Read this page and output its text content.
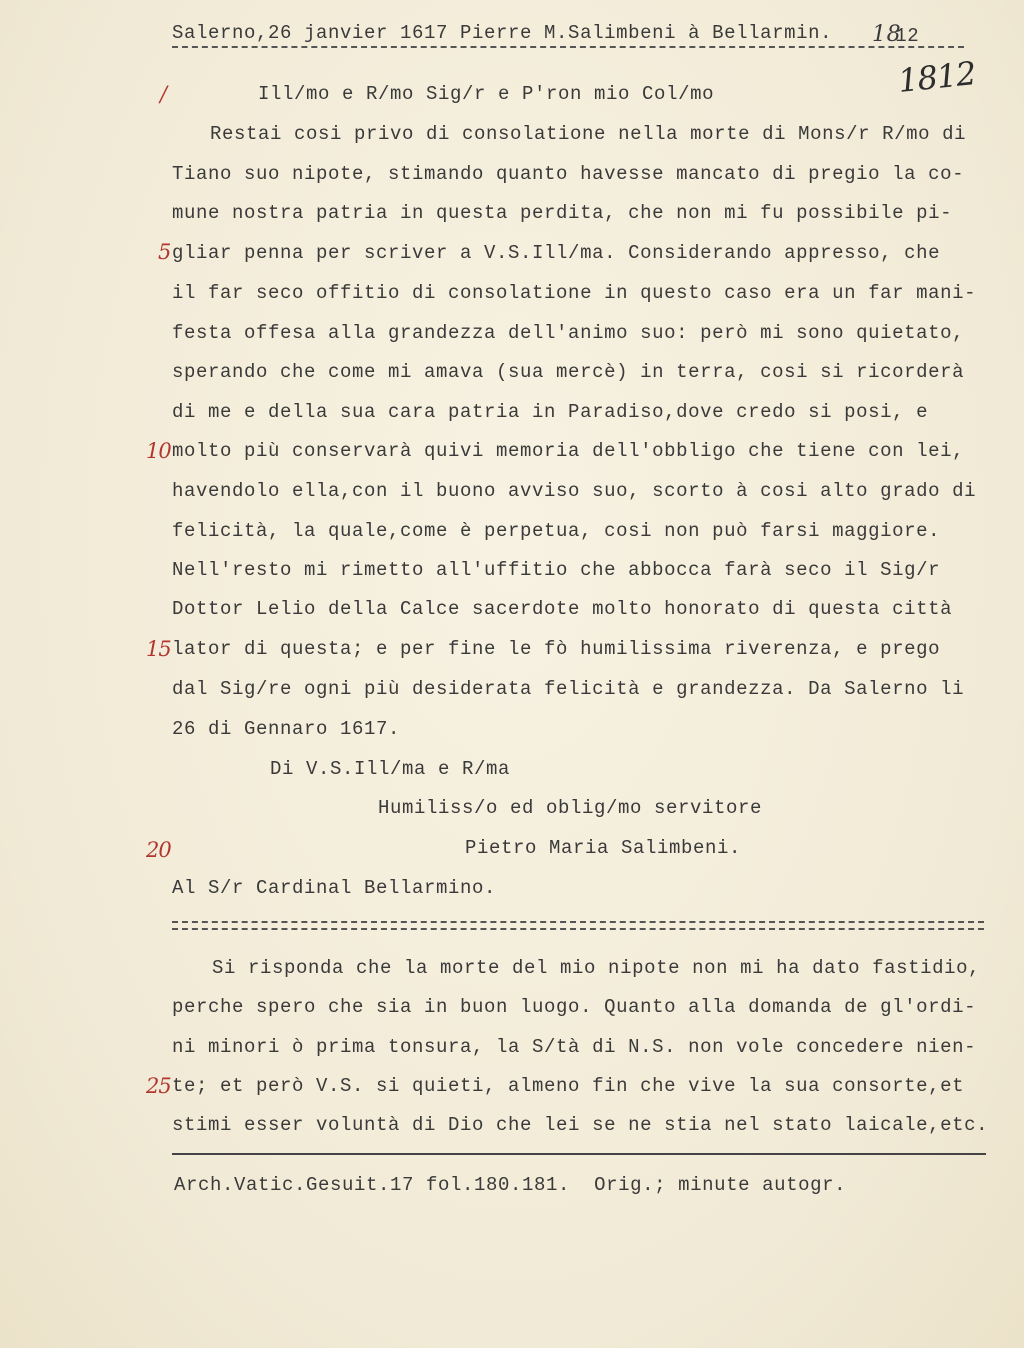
Salerno,26 janvier 1617 Pierre M.Salimbeni à Bellarmin. 1812
1812
/
5
10
15
20
25
Ill/mo e R/mo Sig/r e P'ron mio Col/mo
Restai cosi privo di consolatione nella morte di Mons/r R/mo di
Tiano suo nipote, stimando quanto havesse mancato di pregio la co-
mune nostra patria in questa perdita, che non mi fu possibile pi-
gliar penna per scriver a V.S.Ill/ma. Considerando appresso, che
il far seco offitio di consolatione in questo caso era un far mani-
festa offesa alla grandezza dell'animo suo: però mi sono quietato,
sperando che come mi amava (sua mercè) in terra, cosi si ricorderà
di me e della sua cara patria in Paradiso,dove credo si posi, e
molto più conservarà quivi memoria dell'obbligo che tiene con lei,
havendolo ella,con il buono avviso suo, scorto à cosi alto grado di
felicità, la quale,come è perpetua, cosi non può farsi maggiore.
Nell'resto mi rimetto all'uffitio che abbocca farà seco il Sig/r
Dottor Lelio della Calce sacerdote molto honorato di questa città
lator di questa; e per fine le fò humilissima riverenza, e prego
dal Sig/re ogni più desiderata felicità e grandezza. Da Salerno li
26 di Gennaro 1617.
Di V.S.Ill/ma e R/ma
Humiliss/o ed oblig/mo servitore
Pietro Maria Salimbeni.
Al S/r Cardinal Bellarmino.
Si risponda che la morte del mio nipote non mi ha dato fastidio,
perche spero che sia in buon luogo. Quanto alla domanda de gl'ordi-
ni minori ò prima tonsura, la S/tà di N.S. non vole concedere nien-
te; et però V.S. si quieti, almeno fin che vive la sua consorte,et
stimi esser voluntà di Dio che lei se ne stia nel stato laicale,etc.
Arch.Vatic.Gesuit.17 fol.180.181.  Orig.; minute autogr.
